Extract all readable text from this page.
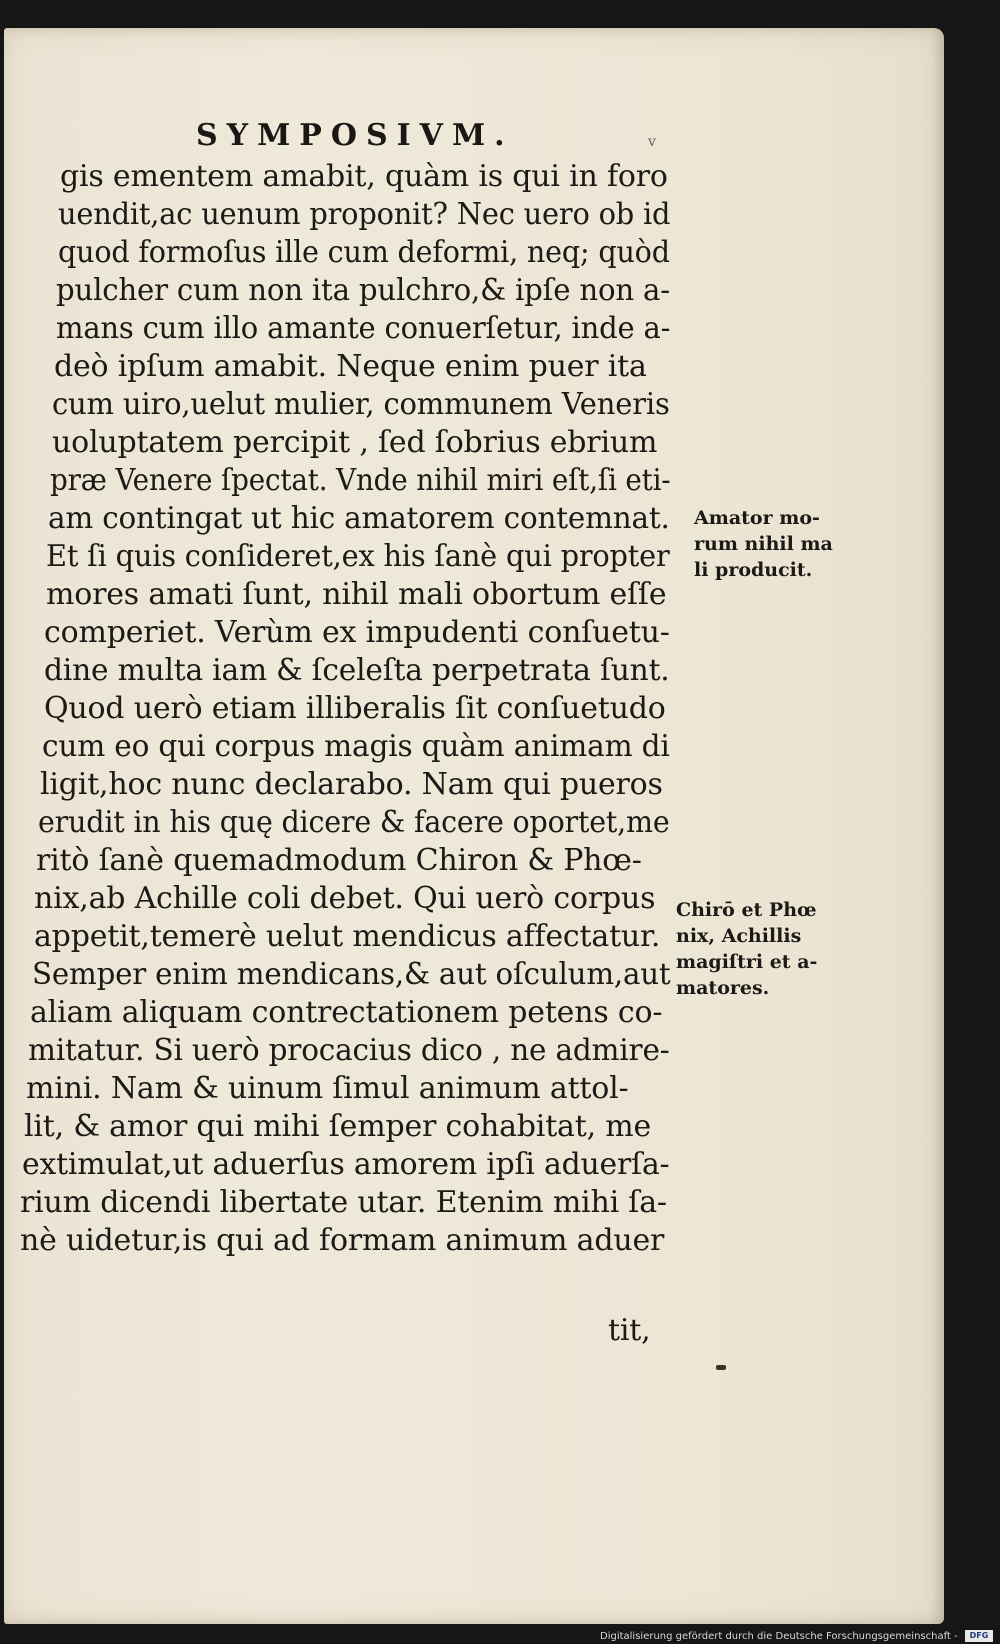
SYMPOSIVM.	v
gis ementem amabit, quàm is qui in foro
uendit,ac uenum proponit? Nec uero ob id
quod formoſus ille cum deformi, neq; quòd
pulcher cum non ita pulchro,& ipſe non a-
mans cum illo amante conuerſetur, inde a-
deò ipſum amabit. Neque enim puer ita
cum uiro,uelut mulier, communem Veneris
uoluptatem percipit , ſed ſobrius ebrium
præ Venere ſpectat. Vnde nihil miri eſt,ſi eti-
am contingat ut hic amatorem contemnat.
Et ſi quis conſideret,ex his ſanè qui propter
mores amati ſunt, nihil mali obortum eſſe
comperiet. Verùm ex impudenti conſuetu-
dine multa iam & ſceleſta perpetrata ſunt.
Quod uerò etiam illiberalis ſit conſuetudo
cum eo qui corpus magis quàm animam di
ligit,hoc nunc declarabo. Nam qui pueros
erudit in his quę dicere & facere oportet,me
ritò ſanè quemadmodum Chiron & Phœ-
nix,ab Achille coli debet. Qui uerò corpus
appetit,temerè uelut mendicus affectatur.
Semper enim mendicans,& aut oſculum,aut
aliam aliquam contrectationem petens co-
mitatur. Si uerò procacius dico , ne admire-
mini. Nam & uinum ſimul animum attol-
lit, & amor qui mihi ſemper cohabitat, me
extimulat,ut aduerſus amorem ipſi aduerſa-
rium dicendi libertate utar. Etenim mihi ſa-
nè uidetur,is qui ad formam animum aduer
tit,
Amator mo-
rum nihil ma
li producit.
Chirō et Phœ
nix, Achillis
magiſtri et a-
matores.
Digitalisierung gefördert durch die Deutsche Forschungsgemeinschaft -	DFG
